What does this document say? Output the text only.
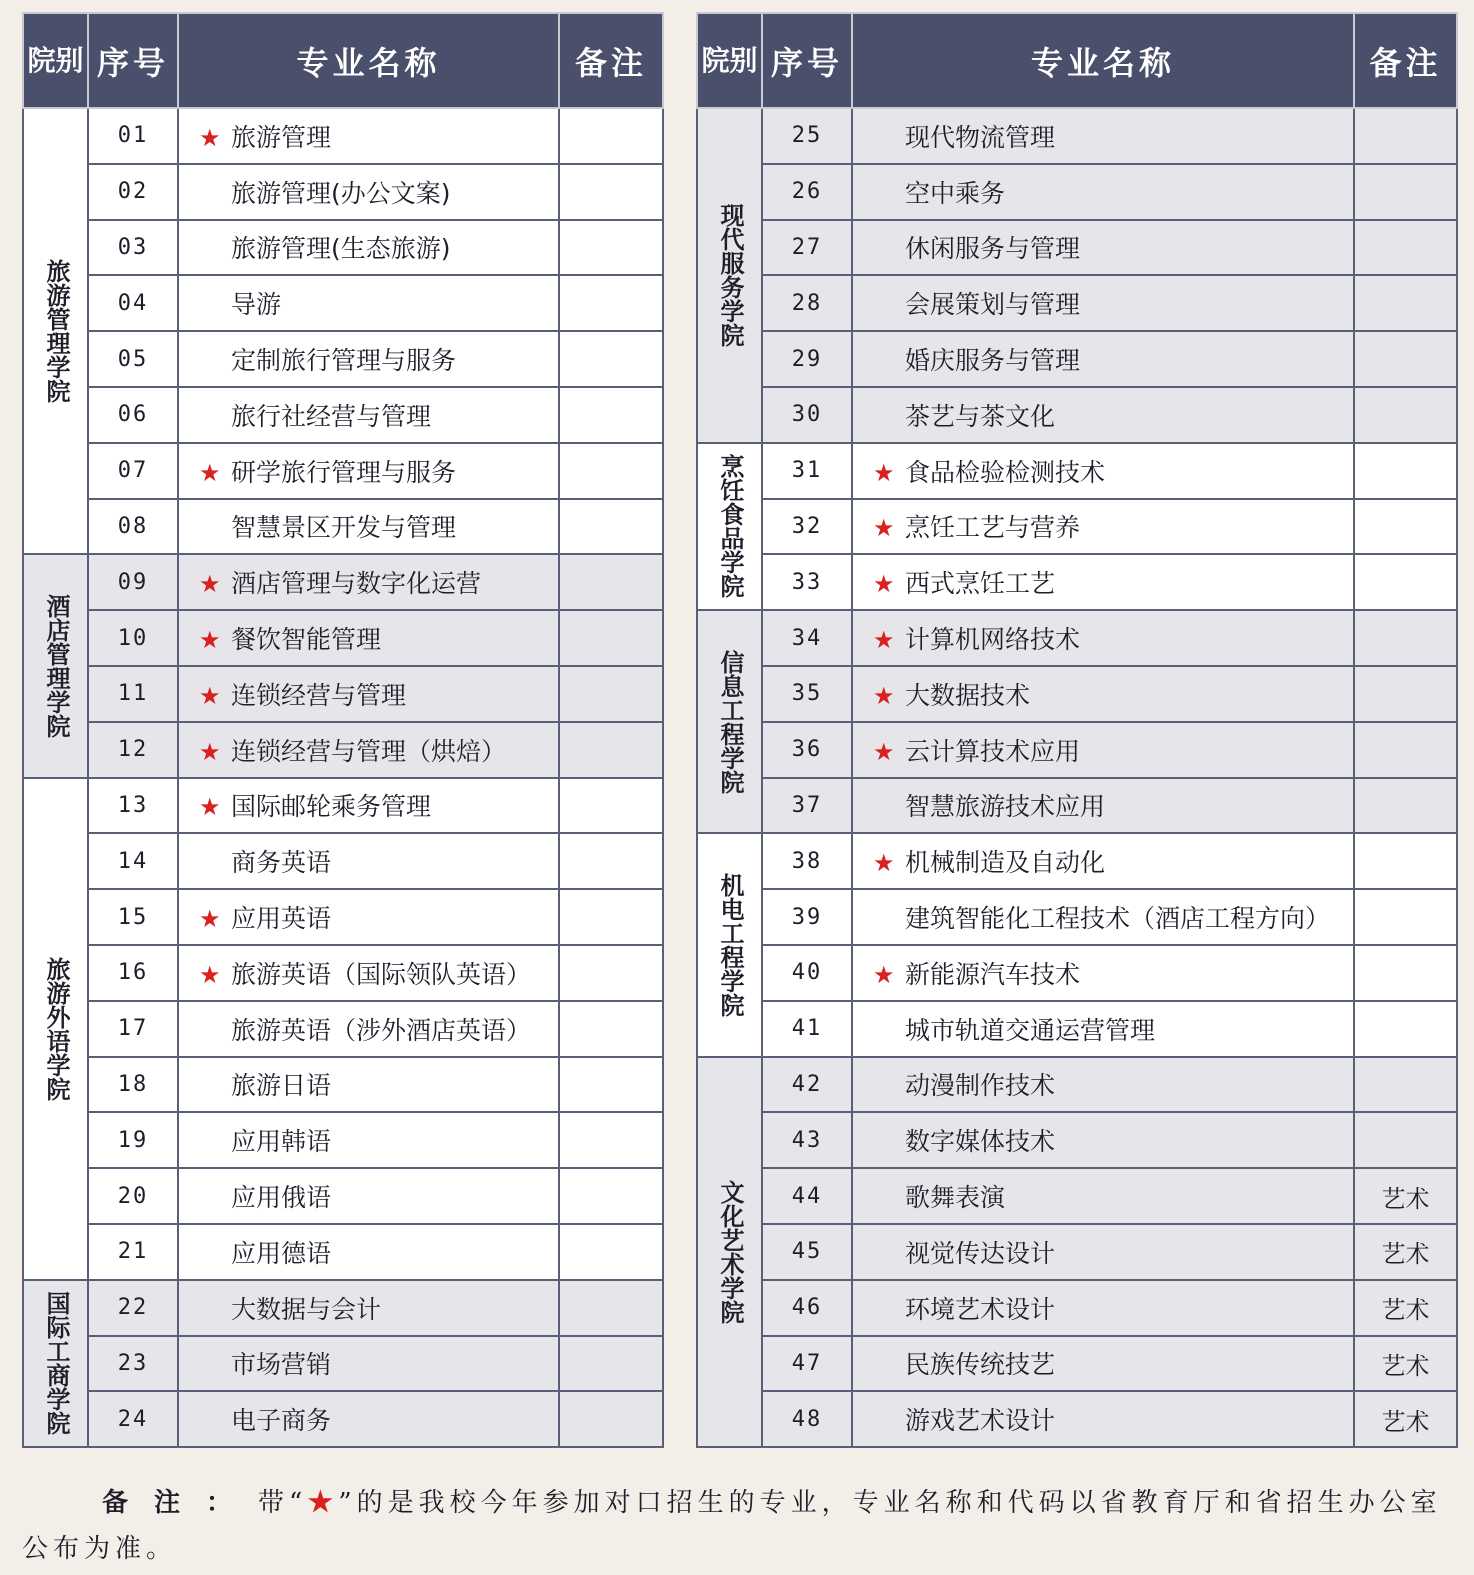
院别	序号	专业名称	备注
旅游管理学院	01	★ 旅游管理	
	02	旅游管理(办公文案)	
	03	旅游管理(生态旅游)	
	04	导游	
	05	定制旅行管理与服务	
	06	旅行社经营与管理	
	07	★ 研学旅行管理与服务	
	08	智慧景区开发与管理	
酒店管理学院	09	★ 酒店管理与数字化运营	
	10	★ 餐饮智能管理	
	11	★ 连锁经营与管理	
	12	★ 连锁经营与管理（烘焙）	
旅游外语学院	13	★ 国际邮轮乘务管理	
	14	商务英语	
	15	★ 应用英语	
	16	★ 旅游英语（国际领队英语）	
	17	旅游英语（涉外酒店英语）	
	18	旅游日语	
	19	应用韩语	
	20	应用俄语	
	21	应用德语	
国际工商学院	22	大数据与会计	
	23	市场营销	
	24	电子商务	
院别	序号	专业名称	备注
现代服务学院	25	现代物流管理	
	26	空中乘务	
	27	休闲服务与管理	
	28	会展策划与管理	
	29	婚庆服务与管理	
	30	茶艺与茶文化	
烹饪食品学院	31	★ 食品检验检测技术	
	32	★ 烹饪工艺与营养	
	33	★ 西式烹饪工艺	
信息工程学院	34	★ 计算机网络技术	
	35	★ 大数据技术	
	36	★ 云计算技术应用	
	37	智慧旅游技术应用	
机电工程学院	38	★ 机械制造及自动化	
	39	建筑智能化工程技术（酒店工程方向）	
	40	★ 新能源汽车技术	
	41	城市轨道交通运营管理	
文化艺术学院	42	动漫制作技术	
	43	数字媒体技术	
	44	歌舞表演	艺术
	45	视觉传达设计	艺术
	46	环境艺术设计	艺术
	47	民族传统技艺	艺术
	48	游戏艺术设计	艺术
备注：带“★”的是我校今年参加对口招生的专业，专业名称和代码以省教育厅和省招生办公室公布为准。
